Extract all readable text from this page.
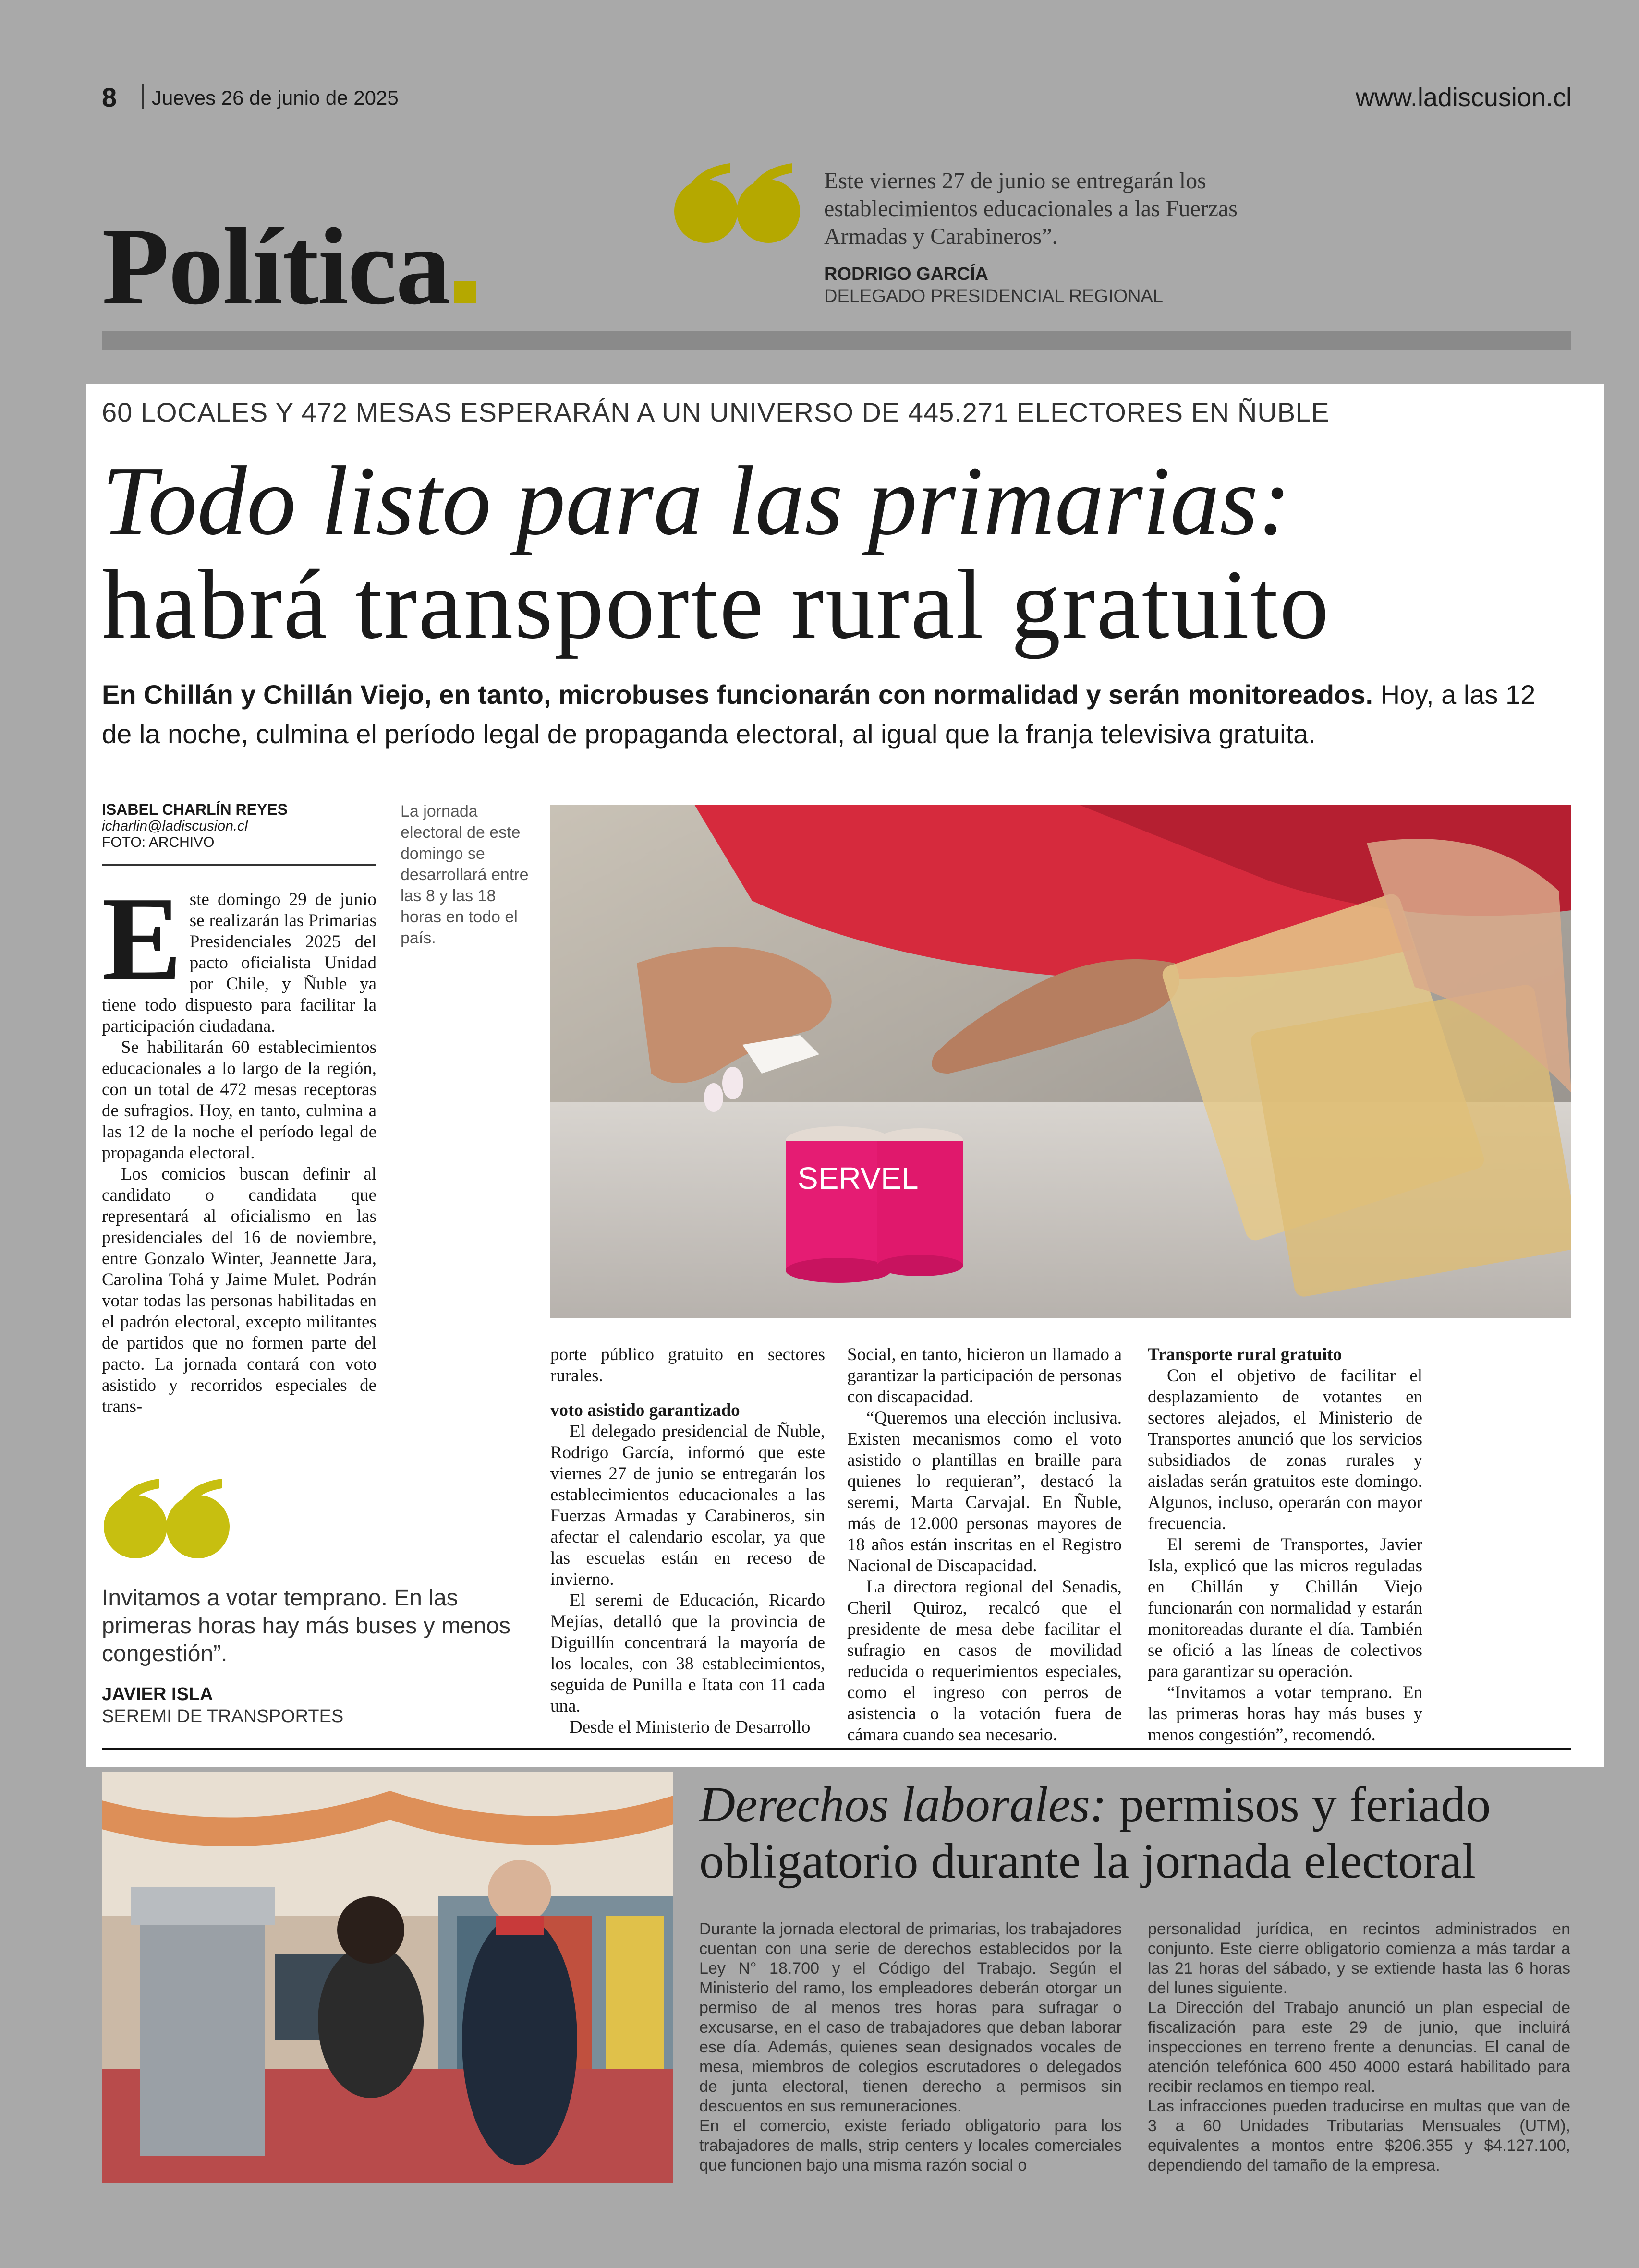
8 Jueves 26 de junio de 2025	www.ladiscusion.cl
Política
Este viernes 27 de junio se entregarán los establecimientos educacionales a las Fuerzas Armadas y Carabineros”.
RODRIGO GARCÍA
DELEGADO PRESIDENCIAL REGIONAL
60 LOCALES Y 472 MESAS ESPERARÁN A UN UNIVERSO DE 445.271 ELECTORES EN ÑUBLE
Todo listo para las primarias:
habrá transporte rural gratuito
En Chillán y Chillán Viejo, en tanto, microbuses funcionarán con normalidad y serán monitoreados. Hoy, a las 12 de la noche, culmina el período legal de propaganda electoral, al igual que la franja televisiva gratuita.
ISABEL CHARLÍN REYES
icharlin@ladiscusion.cl
FOTO: ARCHIVO
La jornada electoral de este domingo se desarrollará entre las 8 y las 18 horas en todo el país.
E ste domingo 29 de junio se realizarán las Primarias Presidenciales 2025 del pacto oficialista Unidad por Chile, y Ñuble ya tiene todo dispuesto para facilitar la participación ciudadana.

Se habilitarán 60 establecimientos educacionales a lo largo de la región, con un total de 472 mesas receptoras de sufragios. Hoy, en tanto, culmina a las 12 de la noche el período legal de propaganda electoral.

Los comicios buscan definir al candidato o candidata que representará al oficialismo en las presidenciales del 16 de noviembre, entre Gonzalo Winter, Jeannette Jara, Carolina Tohá y Jaime Mulet. Podrán votar todas las personas habilitadas en el padrón electoral, excepto militantes de partidos que no formen parte del pacto. La jornada contará con voto asistido y recorridos especiales de trans-

SERVEL

porte público gratuito en sectores rurales.

voto asistido garantizado

El delegado presidencial de Ñuble, Rodrigo García, informó que este viernes 27 de junio se entregarán los establecimientos educacionales a las Fuerzas Armadas y Carabineros, sin afectar el calendario escolar, ya que las escuelas están en receso de invierno.

El seremi de Educación, Ricardo Mejías, detalló que la provincia de Diguillín concentrará la mayoría de los locales, con 38 establecimientos, seguida de Punilla e Itata con 11 cada una.

Desde el Ministerio de Desarrollo

Social, en tanto, hicieron un llamado a garantizar la participación de personas con discapacidad.

“Queremos una elección inclusiva. Existen mecanismos como el voto asistido o plantillas en braille para quienes lo requieran”, destacó la seremi, Marta Carvajal. En Ñuble, más de 12.000 personas mayores de 18 años están inscritas en el Registro Nacional de Discapacidad.

La directora regional del Senadis, Cheril Quiroz, recalcó que el presidente de mesa debe facilitar el sufragio en casos de movilidad reducida o requerimientos especiales, como el ingreso con perros de asistencia o la votación fuera de cámara cuando sea necesario.

Transporte rural gratuito

Con el objetivo de facilitar el desplazamiento de votantes en sectores alejados, el Ministerio de Transportes anunció que los servicios subsidiados de zonas rurales y aisladas serán gratuitos este domingo. Algunos, incluso, operarán con mayor frecuencia.

El seremi de Transportes, Javier Isla, explicó que las micros reguladas en Chillán y Chillán Viejo funcionarán con normalidad y estarán monitoreadas durante el día. También se ofició a las líneas de colectivos para garantizar su operación.

“Invitamos a votar temprano. En las primeras horas hay más buses y menos congestión”, recomendó.

Invitamos a votar temprano. En las primeras horas hay más buses y menos congestión”.
JAVIER ISLA
SEREMI DE TRANSPORTES
Derechos laborales: permisos y feriado obligatorio durante la jornada electoral

Durante la jornada electoral de primarias, los trabajadores cuentan con una serie de derechos establecidos por la Ley N° 18.700 y el Código del Trabajo. Según el Ministerio del ramo, los empleadores deberán otorgar un permiso de al menos tres horas para sufragar o excusarse, en el caso de trabajadores que deban laborar ese día. Además, quienes sean designados vocales de mesa, miembros de colegios escrutadores o delegados de junta electoral, tienen derecho a permisos sin descuentos en sus remuneraciones.

En el comercio, existe feriado obligatorio para los trabajadores de malls, strip centers y locales comerciales que funcionen bajo una misma razón social o

personalidad jurídica, en recintos administrados en conjunto. Este cierre obligatorio comienza a más tardar a las 21 horas del sábado, y se extiende hasta las 6 horas del lunes siguiente.

La Dirección del Trabajo anunció un plan especial de fiscalización para este 29 de junio, que incluirá inspecciones en terreno frente a denuncias. El canal de atención telefónica 600 450 4000 estará habilitado para recibir reclamos en tiempo real.

Las infracciones pueden traducirse en multas que van de 3 a 60 Unidades Tributarias Mensuales (UTM), equivalentes a montos entre $206.355 y $4.127.100, dependiendo del tamaño de la empresa.
